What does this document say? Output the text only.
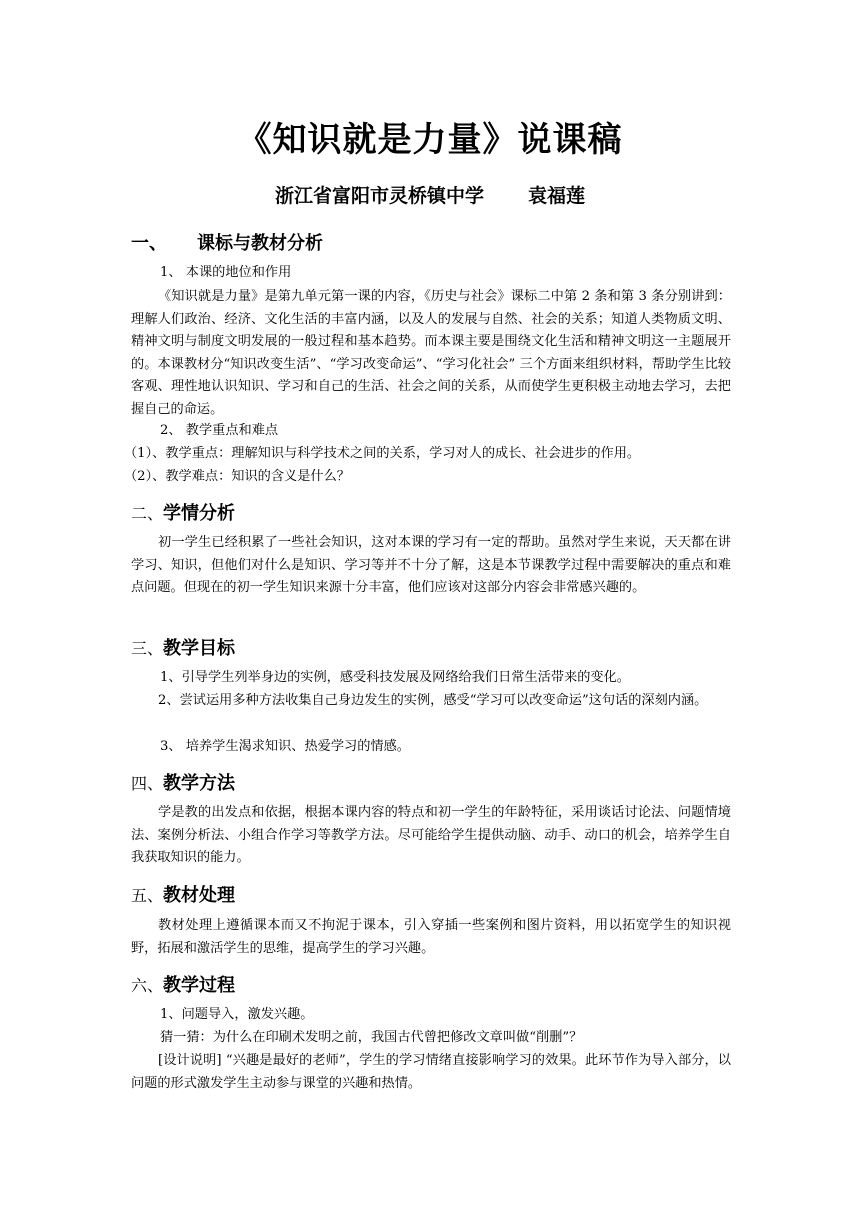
《知识就是力量》说课稿
浙江省富阳市灵桥镇中学 袁福莲
一、 课标与教材分析
1、 本课的地位和作用

《知识就是力量》是第九单元第一课的内容，《历史与社会》课标二中第 2 条和第 3 条分别讲到：理解人们政治、经济、文化生活的丰富内涵，以及人的发展与自然、社会的关系；知道人类物质文明、精神文明与制度文明发展的一般过程和基本趋势。而本课主要是围绕文化生活和精神文明这一主题展开的。本课教材分“知识改变生活”、“学习改变命运”、“学习化社会” 三个方面来组织材料，帮助学生比较客观、理性地认识知识、学习和自己的生活、社会之间的关系，从而使学生更积极主动地去学习，去把握自己的命运。

2、 教学重点和难点
（1）、教学重点：理解知识与科学技术之间的关系，学习对人的成长、社会进步的作用。
（2）、教学难点：知识的含义是什么？
二、学情分析

初一学生已经积累了一些社会知识，这对本课的学习有一定的帮助。虽然对学生来说，天天都在讲学习、知识，但他们对什么是知识、学习等并不十分了解，这是本节课教学过程中需要解决的重点和难点问题。但现在的初一学生知识来源十分丰富，他们应该对这部分内容会非常感兴趣的。

三、教学目标
1、引导学生列举身边的实例，感受科技发展及网络给我们日常生活带来的变化。

2、尝试运用多种方法收集自己身边发生的实例，感受“学习可以改变命运”这句话的深刻内涵。

3、 培养学生渴求知识、热爱学习的情感。
四、教学方法

学是教的出发点和依据，根据本课内容的特点和初一学生的年龄特征，采用谈话讨论法、问题情境法、案例分析法、小组合作学习等教学方法。尽可能给学生提供动脑、动手、动口的机会，培养学生自我获取知识的能力。

五、教材处理

教材处理上遵循课本而又不拘泥于课本，引入穿插一些案例和图片资料，用以拓宽学生的知识视野，拓展和激活学生的思维，提高学生的学习兴趣。

六、教学过程
1、问题导入，激发兴趣。
猜一猜：为什么在印刷术发明之前，我国古代曾把修改文章叫做“削删”？

[设计说明] “兴趣是最好的老师”，学生的学习情绪直接影响学习的效果。此环节作为导入部分，以问题的形式激发学生主动参与课堂的兴趣和热情。
